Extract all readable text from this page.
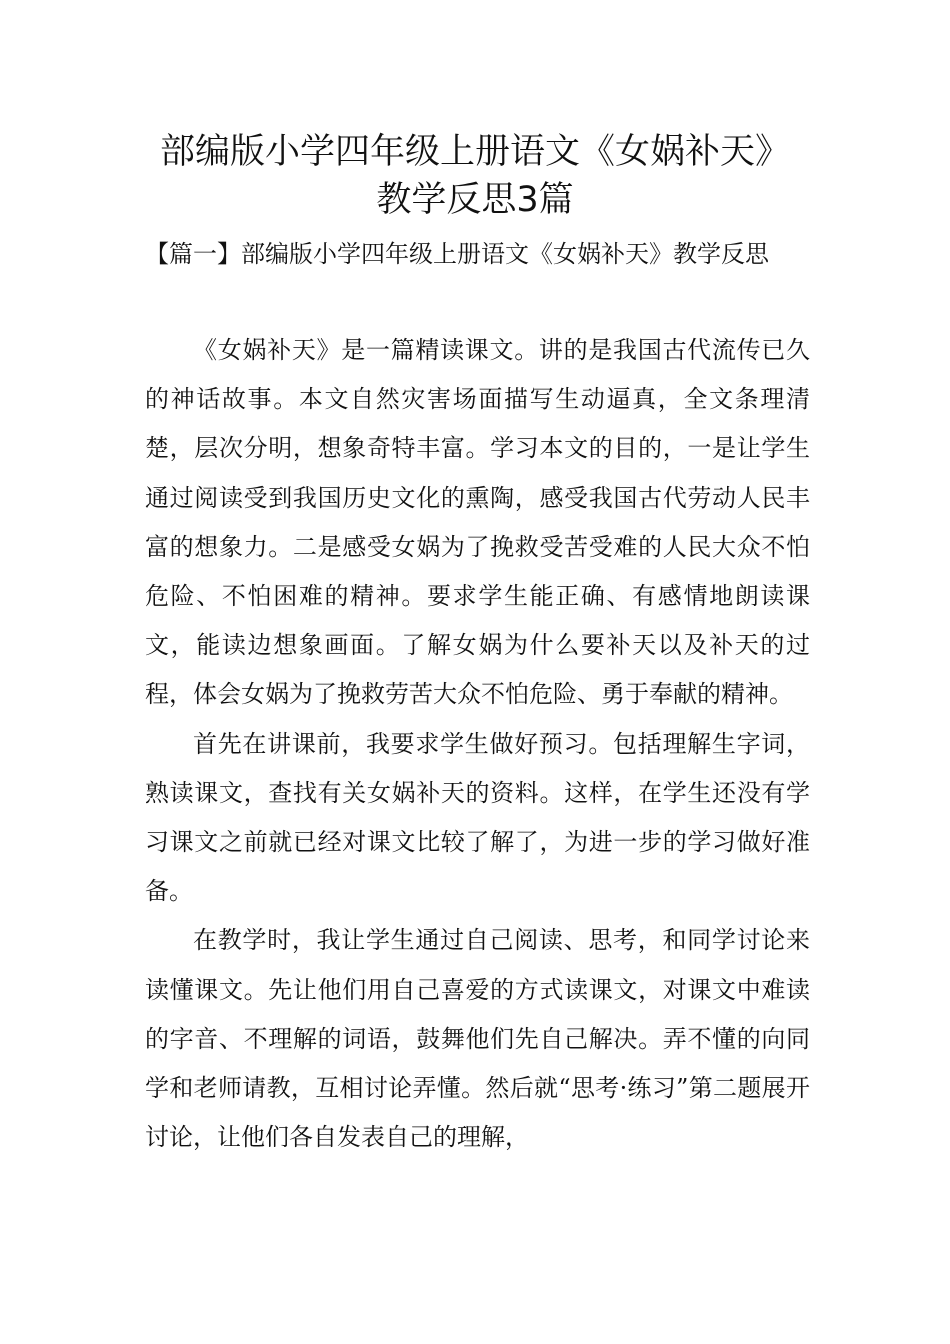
部编版小学四年级上册语文《女娲补天》
教学反思3篇

【篇一】部编版小学四年级上册语文《女娲补天》教学反思

《女娲补天》是一篇精读课文。讲的是我国古代流传已久的神话故事。本文自然灾害场面描写生动逼真，全文条理清楚，层次分明，想象奇特丰富。学习本文的目的，一是让学生通过阅读受到我国历史文化的熏陶，感受我国古代劳动人民丰富的想象力。二是感受女娲为了挽救受苦受难的人民大众不怕危险、不怕困难的精神。要求学生能正确、有感情地朗读课文，能读边想象画面。了解女娲为什么要补天以及补天的过程，体会女娲为了挽救劳苦大众不怕危险、勇于奉献的精神。

首先在讲课前，我要求学生做好预习。包括理解生字词，熟读课文，查找有关女娲补天的资料。这样，在学生还没有学习课文之前就已经对课文比较了解了，为进一步的学习做好准备。

在教学时，我让学生通过自己阅读、思考，和同学讨论来读懂课文。先让他们用自己喜爱的方式读课文，对课文中难读的字音、不理解的词语，鼓舞他们先自己解决。弄不懂的向同学和老师请教，互相讨论弄懂。然后就“思考·练习”第二题展开讨论，让他们各自发表自己的理解，
